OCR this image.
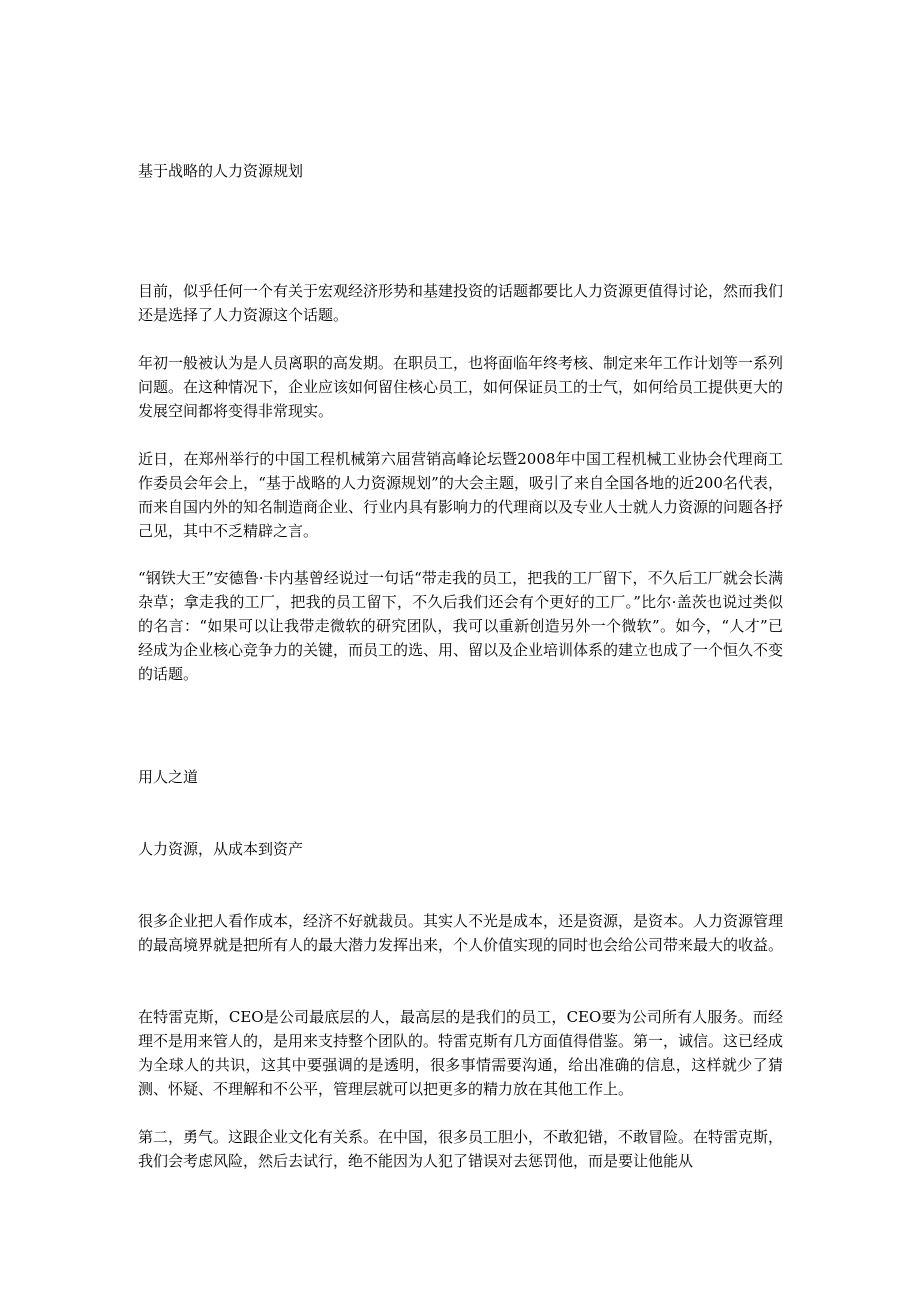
基于战略的人力资源规划
目前，似乎任何一个有关于宏观经济形势和基建投资的话题都要比人力资源更值得讨论，然而我们还是选择了人力资源这个话题。
年初一般被认为是人员离职的高发期。在职员工，也将面临年终考核、制定来年工作计划等一系列问题。在这种情况下，企业应该如何留住核心员工，如何保证员工的士气，如何给员工提供更大的发展空间都将变得非常现实。
近日，在郑州举行的中国工程机械第六届营销高峰论坛暨2008年中国工程机械工业协会代理商工作委员会年会上，“基于战略的人力资源规划”的大会主题，吸引了来自全国各地的近200名代表，而来自国内外的知名制造商企业、行业内具有影响力的代理商以及专业人士就人力资源的问题各抒己见，其中不乏精辟之言。
“钢铁大王”安德鲁·卡内基曾经说过一句话“带走我的员工，把我的工厂留下，不久后工厂就会长满杂草；拿走我的工厂，把我的员工留下，不久后我们还会有个更好的工厂。”比尔·盖茨也说过类似的名言：“如果可以让我带走微软的研究团队，我可以重新创造另外一个微软”。如今，“人才”已经成为企业核心竞争力的关键，而员工的选、用、留以及企业培训体系的建立也成了一个恒久不变的话题。
用人之道
人力资源，从成本到资产
很多企业把人看作成本，经济不好就裁员。其实人不光是成本，还是资源，是资本。人力资源管理的最高境界就是把所有人的最大潜力发挥出来，个人价值实现的同时也会给公司带来最大的收益。
在特雷克斯，CEO是公司最底层的人，最高层的是我们的员工，CEO要为公司所有人服务。而经理不是用来管人的，是用来支持整个团队的。特雷克斯有几方面值得借鉴。第一，诚信。这已经成为全球人的共识，这其中要强调的是透明，很多事情需要沟通，给出准确的信息，这样就少了猜测、怀疑、不理解和不公平，管理层就可以把更多的精力放在其他工作上。
第二，勇气。这跟企业文化有关系。在中国，很多员工胆小，不敢犯错，不敢冒险。在特雷克斯，我们会考虑风险，然后去试行，绝不能因为人犯了错误对去惩罚他，而是要让他能从
